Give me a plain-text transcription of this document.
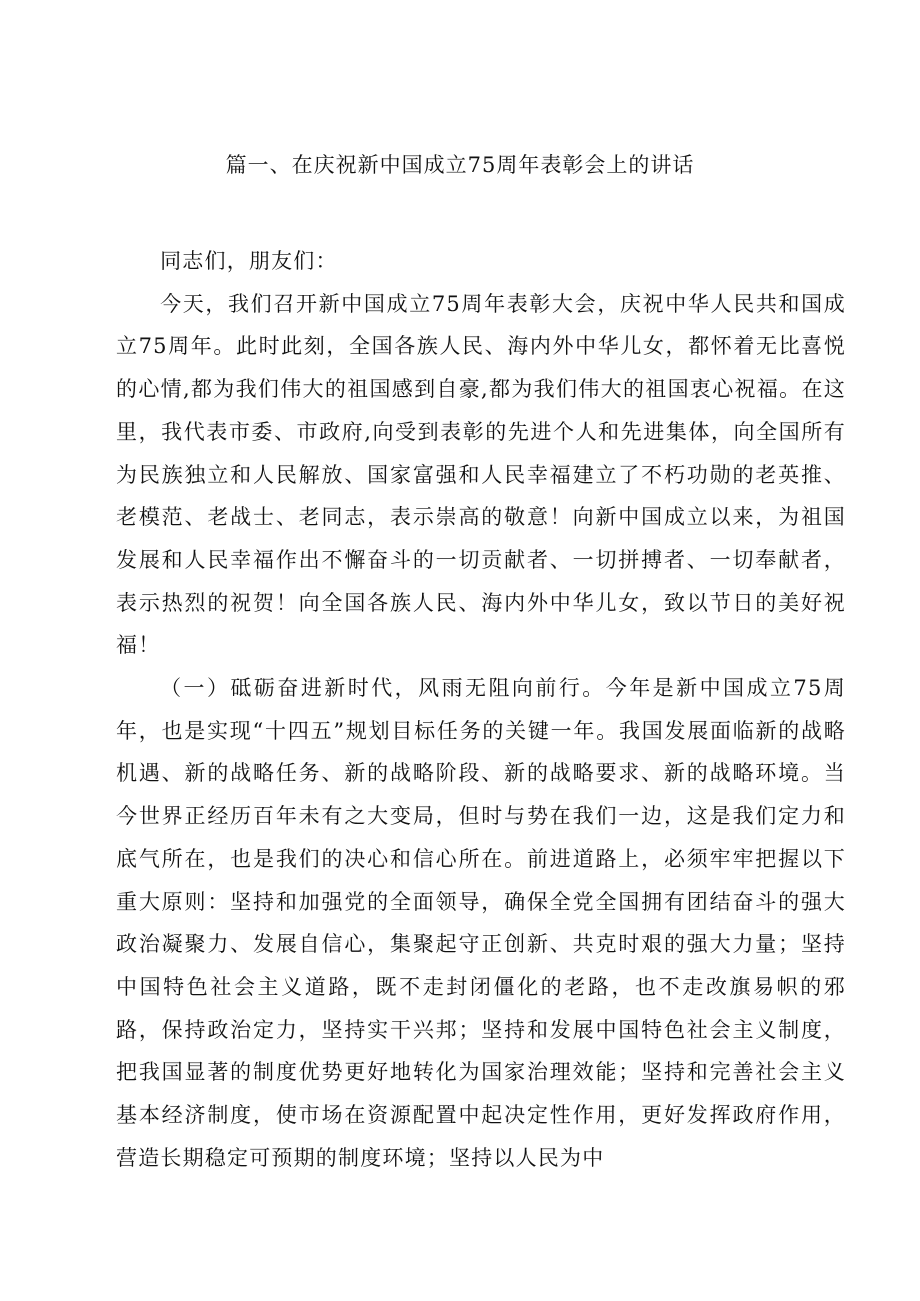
篇一、在庆祝新中国成立75周年表彰会上的讲话

同志们，朋友们：

今天，我们召开新中国成立75周年表彰大会，庆祝中华人民共和国成立75周年。此时此刻，全国各族人民、海内外中华儿女，都怀着无比喜悦的心情,都为我们伟大的祖国感到自豪,都为我们伟大的祖国衷心祝福。在这里，我代表市委、市政府,向受到表彰的先进个人和先进集体，向全国所有为民族独立和人民解放、国家富强和人民幸福建立了不朽功勋的老英推、老模范、老战士、老同志，表示崇高的敬意！向新中国成立以来，为祖国发展和人民幸福作出不懈奋斗的一切贡献者、一切拼搏者、一切奉献者，表示热烈的祝贺！向全国各族人民、海内外中华儿女，致以节日的美好祝福！

（一）砥砺奋进新时代，风雨无阻向前行。今年是新中国成立75周年，也是实现“十四五”规划目标任务的关键一年。我国发展面临新的战略机遇、新的战略任务、新的战略阶段、新的战略要求、新的战略环境。当今世界正经历百年未有之大变局，但时与势在我们一边，这是我们定力和底气所在，也是我们的决心和信心所在。前进道路上，必须牢牢把握以下重大原则：坚持和加强党的全面领导，确保全党全国拥有团结奋斗的强大政治凝聚力、发展自信心，集聚起守正创新、共克时艰的强大力量；坚持中国特色社会主义道路，既不走封闭僵化的老路，也不走改旗易帜的邪路，保持政治定力，坚持实干兴邦；坚持和发展中国特色社会主义制度，把我国显著的制度优势更好地转化为国家治理效能；坚持和完善社会主义基本经济制度，使市场在资源配置中起决定性作用，更好发挥政府作用，营造长期稳定可预期的制度环境；坚持以人民为中
